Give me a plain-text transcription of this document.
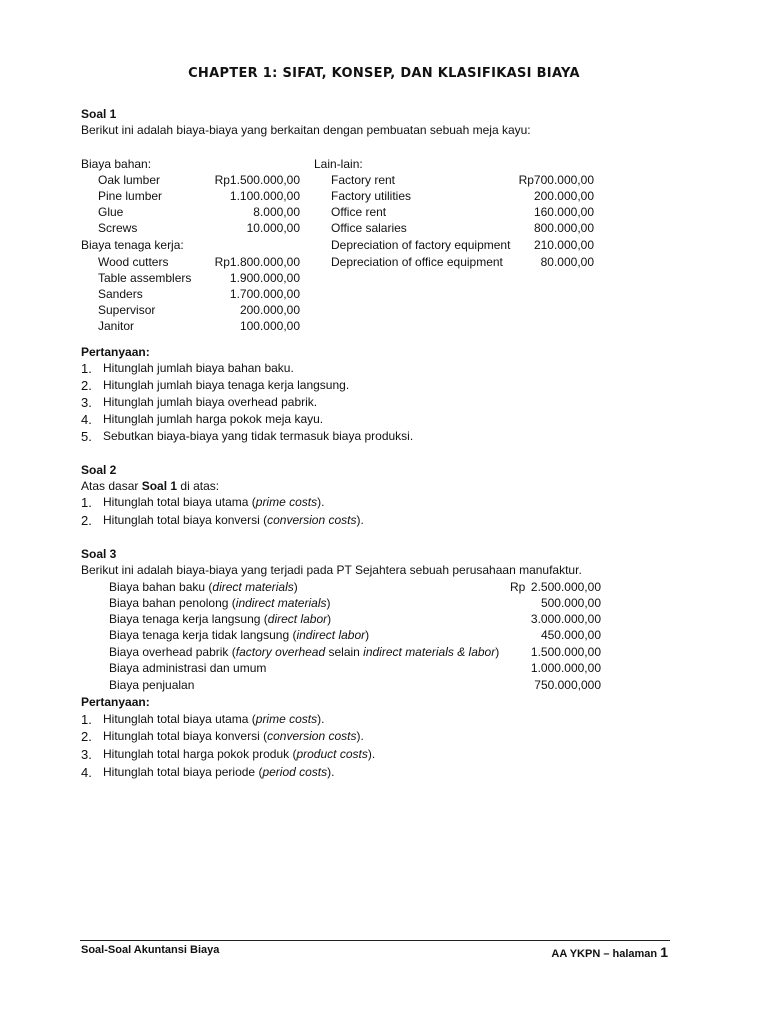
CHAPTER 1: SIFAT, KONSEP, DAN KLASIFIKASI BIAYA
Soal 1
Berikut ini adalah biaya-biaya yang berkaitan dengan pembuatan sebuah meja kayu:
Biaya bahan:
Oak lumber	Rp1.500.000,00
Pine lumber	1.100.000,00
Glue	8.000,00
Screws	10.000,00
Biaya tenaga kerja:
Wood cutters	Rp1.800.000,00
Table assemblers	1.900.000,00
Sanders	1.700.000,00
Supervisor	200.000,00
Janitor	100.000,00
Lain-lain:
Factory rent	Rp700.000,00
Factory utilities	200.000,00
Office rent	160.000,00
Office salaries	800.000,00
Depreciation of factory equipment	210.000,00
Depreciation of office equipment	80.000,00
Pertanyaan:
1. Hitunglah jumlah biaya bahan baku.
2. Hitunglah jumlah biaya tenaga kerja langsung.
3. Hitunglah jumlah biaya overhead pabrik.
4. Hitunglah jumlah harga pokok meja kayu.
5. Sebutkan biaya-biaya yang tidak termasuk biaya produksi.
Soal 2
Atas dasar Soal 1 di atas:
1. Hitunglah total biaya utama (prime costs).
2. Hitunglah total biaya konversi (conversion costs).
Soal 3
Berikut ini adalah biaya-biaya yang terjadi pada PT Sejahtera sebuah perusahaan manufaktur.
Rp
Biaya bahan baku (direct materials)	2.500.000,00
Biaya bahan penolong (indirect materials)	500.000,00
Biaya tenaga kerja langsung (direct labor)	3.000.000,00
Biaya tenaga kerja tidak langsung (indirect labor)	450.000,00
Biaya overhead pabrik (factory overhead selain indirect materials & labor)	1.500.000,00
Biaya administrasi dan umum	1.000.000,00
Biaya penjualan	750.000,000
Pertanyaan:
1. Hitunglah total biaya utama (prime costs).
2. Hitunglah total biaya konversi (conversion costs).
3. Hitunglah total harga pokok produk (product costs).
4. Hitunglah total biaya periode (period costs).
Soal-Soal Akuntansi Biaya	AA YKPN – halaman 1
